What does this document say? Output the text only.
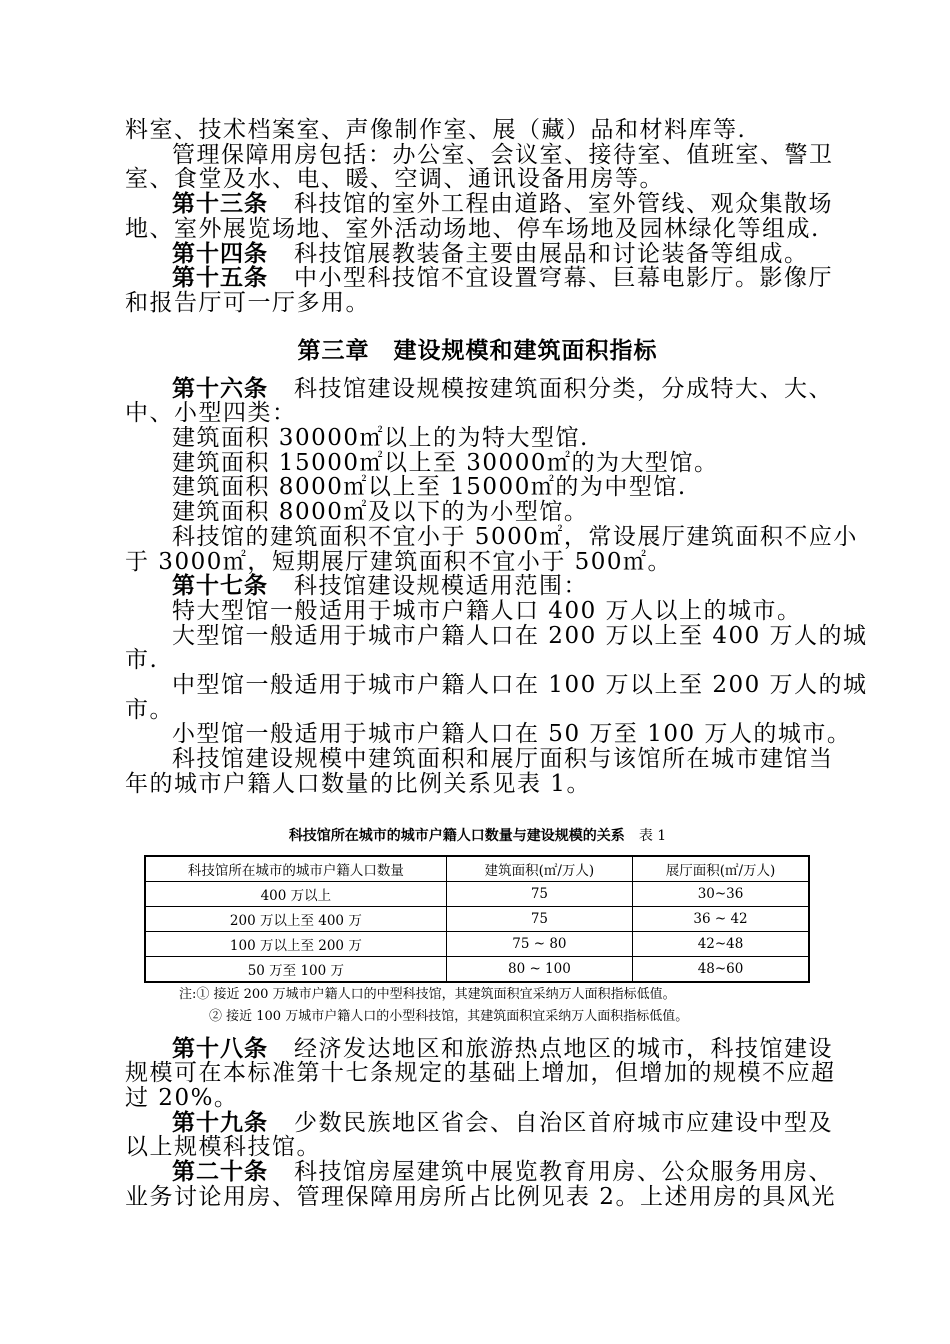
料室、技术档案室、声像制作室、展（藏）品和材料库等.

管理保障用房包括：办公室、会议室、接待室、值班室、警卫

室、食堂及水、电、暖、空调、通讯设备用房等。

第十三条 科技馆的室外工程由道路、室外管线、观众集散场

地、室外展览场地、室外活动场地、停车场地及园林绿化等组成.

第十四条 科技馆展教装备主要由展品和讨论装备等组成。

第十五条 中小型科技馆不宜设置穹幕、巨幕电影厅。影像厅

和报告厅可一厅多用。

第三章　建设规模和建筑面积指标

第十六条 科技馆建设规模按建筑面积分类，分成特大、大、

中、小型四类：

建筑面积 30000㎡以上的为特大型馆.

建筑面积 15000㎡以上至 30000㎡的为大型馆。

建筑面积 8000㎡以上至 15000㎡的为中型馆.

建筑面积 8000㎡及以下的为小型馆。

科技馆的建筑面积不宜小于 5000㎡，常设展厅建筑面积不应小

于 3000㎡，短期展厅建筑面积不宜小于 500㎡。

第十七条 科技馆建设规模适用范围：

特大型馆一般适用于城市户籍人口 400 万人以上的城市。

大型馆一般适用于城市户籍人口在 200 万以上至 400 万人的城

市.

中型馆一般适用于城市户籍人口在 100 万以上至 200 万人的城

市。

小型馆一般适用于城市户籍人口在 50 万至 100 万人的城市。

科技馆建设规模中建筑面积和展厅面积与该馆所在城市建馆当

年的城市户籍人口数量的比例关系见表 1。

科技馆所在城市的城市户籍人口数量与建设规模的关系 表 1
科技馆所在城市的城市户籍人口数量	建筑面积(㎡/万人)	展厅面积(㎡/万人)
400 万以上	75	30~36
200 万以上至 400 万	75	36 ~ 42
100 万以上至 200 万	75 ~ 80	42~48
50 万至 100 万	80 ~ 100	48~60
注:① 接近 200 万城市户籍人口的中型科技馆，其建筑面积宜采纳万人面积指标低值。
② 接近 100 万城市户籍人口的小型科技馆，其建筑面积宜采纳万人面积指标低值。

第十八条 经济发达地区和旅游热点地区的城市，科技馆建设

规模可在本标准第十七条规定的基础上增加，但增加的规模不应超

过 20%。

第十九条 少数民族地区省会、自治区首府城市应建设中型及

以上规模科技馆。

第二十条 科技馆房屋建筑中展览教育用房、公众服务用房、

业务讨论用房、管理保障用房所占比例见表 2。上述用房的具风光
